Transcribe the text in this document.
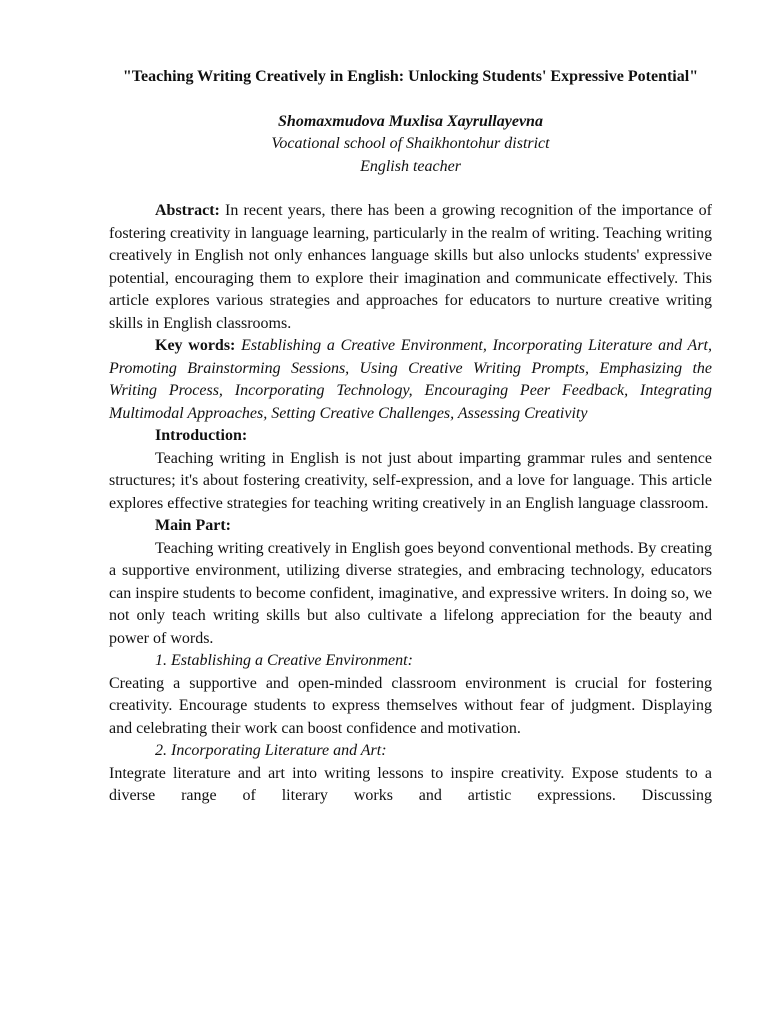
"Teaching Writing Creatively in English: Unlocking Students' Expressive Potential"
Shomaxmudova Muxlisa Xayrullayevna
Vocational school of Shaikhontohur district
English teacher

Abstract: In recent years, there has been a growing recognition of the importance of fostering creativity in language learning, particularly in the realm of writing. Teaching writing creatively in English not only enhances language skills but also unlocks students' expressive potential, encouraging them to explore their imagination and communicate effectively. This article explores various strategies and approaches for educators to nurture creative writing skills in English classrooms.

Key words: Establishing a Creative Environment, Incorporating Literature and Art, Promoting Brainstorming Sessions, Using Creative Writing Prompts, Emphasizing the Writing Process, Incorporating Technology, Encouraging Peer Feedback, Integrating Multimodal Approaches, Setting Creative Challenges, Assessing Creativity

Introduction:

Teaching writing in English is not just about imparting grammar rules and sentence structures; it's about fostering creativity, self-expression, and a love for language. This article explores effective strategies for teaching writing creatively in an English language classroom.

Main Part:

Teaching writing creatively in English goes beyond conventional methods. By creating a supportive environment, utilizing diverse strategies, and embracing technology, educators can inspire students to become confident, imaginative, and expressive writers. In doing so, we not only teach writing skills but also cultivate a lifelong appreciation for the beauty and power of words.

1. Establishing a Creative Environment:

Creating a supportive and open-minded classroom environment is crucial for fostering creativity. Encourage students to express themselves without fear of judgment. Displaying and celebrating their work can boost confidence and motivation.

2. Incorporating Literature and Art:

Integrate literature and art into writing lessons to inspire creativity. Expose students to a diverse range of literary works and artistic expressions. Discussing
